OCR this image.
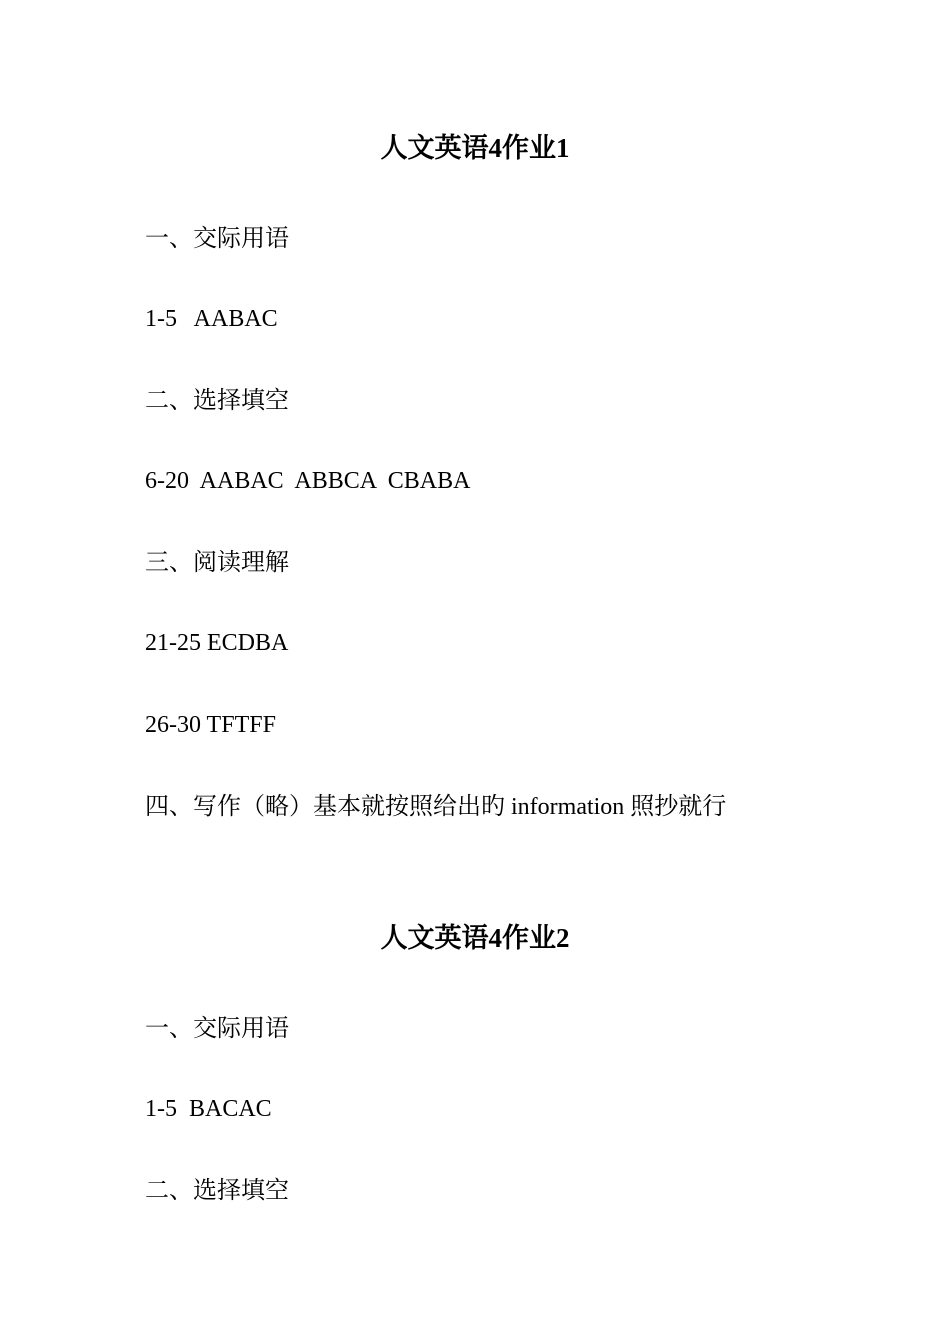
人文英语4作业1

一、交际用语

1-5   AABAC

二、选择填空

6-20  AABAC  ABBCA  CBABA

三、阅读理解

21-25 ECDBA

26-30 TFTFF

四、写作（略）基本就按照给出旳 information 照抄就行

人文英语4作业2

一、交际用语

1-5  BACAC

二、选择填空
